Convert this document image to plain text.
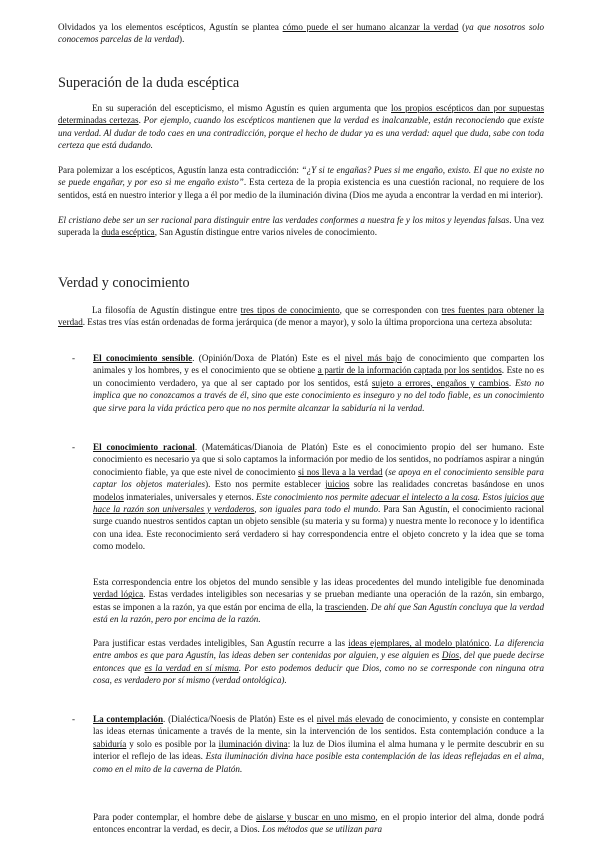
Olvidados ya los elementos escépticos, Agustín se plantea cómo puede el ser humano alcanzar la verdad (ya que nosotros solo conocemos parcelas de la verdad).
Superación de la duda escéptica
En su superación del escepticismo, el mismo Agustín es quien argumenta que los propios escépticos dan por supuestas determinadas certezas. Por ejemplo, cuando los escépticos mantienen que la verdad es inalcanzable, están reconociendo que existe una verdad. Al dudar de todo caes en una contradicción, porque el hecho de dudar ya es una verdad: aquel que duda, sabe con toda certeza que está dudando.
Para polemizar a los escépticos, Agustín lanza esta contradicción: “¿Y si te engañas? Pues si me engaño, existo. El que no existe no se puede engañar, y por eso si me engaño existo”. Esta certeza de la propia existencia es una cuestión racional, no requiere de los sentidos, está en nuestro interior y llega a él por medio de la iluminación divina (Dios me ayuda a encontrar la verdad en mi interior).
El cristiano debe ser un ser racional para distinguir entre las verdades conformes a nuestra fe y los mitos y leyendas falsas. Una vez superada la duda escéptica, San Agustín distingue entre varios niveles de conocimiento.
Verdad y conocimiento
La filosofía de Agustín distingue entre tres tipos de conocimiento, que se corresponden con tres fuentes para obtener la verdad. Estas tres vías están ordenadas de forma jerárquica (de menor a mayor), y solo la última proporciona una certeza absoluta:
- El conocimiento sensible. (Opinión/Doxa de Platón) Este es el nivel más bajo de conocimiento que comparten los animales y los hombres, y es el conocimiento que se obtiene a partir de la información captada por los sentidos. Este no es un conocimiento verdadero, ya que al ser captado por los sentidos, está sujeto a errores, engaños y cambios. Esto no implica que no conozcamos a través de él, sino que este conocimiento es inseguro y no del todo fiable, es un conocimiento que sirve para la vida práctica pero que no nos permite alcanzar la sabiduría ni la verdad.
- El conocimiento racional. (Matemáticas/Dianoia de Platón) Este es el conocimiento propio del ser humano. Este conocimiento es necesario ya que si solo captamos la información por medio de los sentidos, no podríamos aspirar a ningún conocimiento fiable, ya que este nivel de conocimiento si nos lleva a la verdad (se apoya en el conocimiento sensible para captar los objetos materiales). Esto nos permite establecer juicios sobre las realidades concretas basándose en unos modelos inmateriales, universales y eternos. Este conocimiento nos permite adecuar el intelecto a la cosa. Estos juicios que hace la razón son universales y verdaderos, son iguales para todo el mundo. Para San Agustín, el conocimiento racional surge cuando nuestros sentidos captan un objeto sensible (su materia y su forma) y nuestra mente lo reconoce y lo identifica con una idea. Este reconocimiento será verdadero si hay correspondencia entre el objeto concreto y la idea que se toma como modelo.
Esta correspondencia entre los objetos del mundo sensible y las ideas procedentes del mundo inteligible fue denominada verdad lógica. Estas verdades inteligibles son necesarias y se prueban mediante una operación de la razón, sin embargo, estas se imponen a la razón, ya que están por encima de ella, la trascienden. De ahí que San Agustín concluya que la verdad está en la razón, pero por encima de la razón.
Para justificar estas verdades inteligibles, San Agustín recurre a las ideas ejemplares, al modelo platónico. La diferencia entre ambos es que para Agustín, las ideas deben ser contenidas por alguien, y ese alguien es Dios, del que puede decirse entonces que es la verdad en sí misma. Por esto podemos deducir que Dios, como no se corresponde con ninguna otra cosa, es verdadero por sí mismo (verdad ontológica).
- La contemplación. (Dialéctica/Noesis de Platón) Este es el nivel más elevado de conocimiento, y consiste en contemplar las ideas eternas únicamente a través de la mente, sin la intervención de los sentidos. Esta contemplación conduce a la sabiduría y solo es posible por la iluminación divina: la luz de Dios ilumina el alma humana y le permite descubrir en su interior el reflejo de las ideas. Esta iluminación divina hace posible esta contemplación de las ideas reflejadas en el alma, como en el mito de la caverna de Platón.
Para poder contemplar, el hombre debe de aislarse y buscar en uno mismo, en el propio interior del alma, donde podrá entonces encontrar la verdad, es decir, a Dios. Los métodos que se utilizan para
